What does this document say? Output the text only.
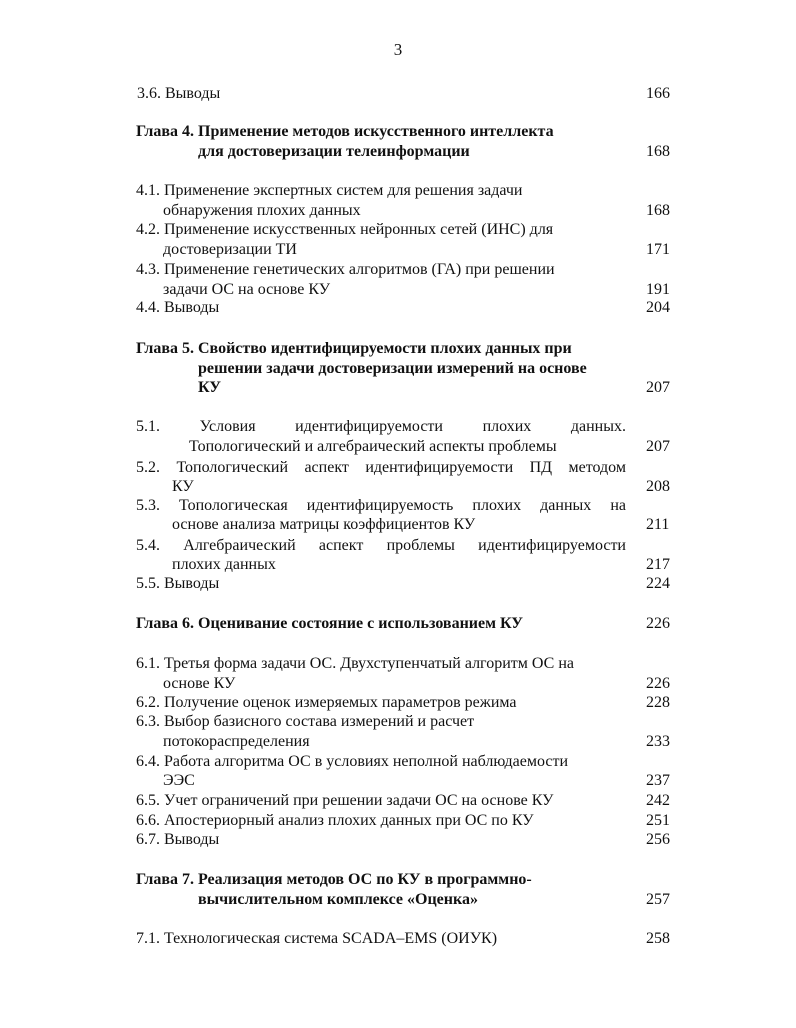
3
3.6. Выводы	166
Глава 4. Применение методов искусственного интеллекта
для достоверизации телеинформации	168
4.1. Применение экспертных систем для решения задачи
обнаружения плохих данных	168
4.2. Применение искусственных нейронных сетей (ИНС) для
достоверизации ТИ	171
4.3. Применение генетических алгоритмов (ГА) при решении
задачи ОС на основе КУ	191
4.4. Выводы	204
Глава 5. Свойство идентифицируемости плохих данных при
решении задачи достоверизации измерений на основе
КУ	207
5.1. Условия идентифицируемости плохих данных.
Топологический и алгебраический аспекты проблемы	207
5.2. Топологический аспект идентифицируемости ПД методом
КУ	208
5.3. Топологическая идентифицируемость плохих данных на
основе анализа матрицы коэффициентов КУ	211
5.4. Алгебраический аспект проблемы идентифицируемости
плохих данных	217
5.5. Выводы	224
Глава 6. Оценивание состояние с использованием КУ	226
6.1. Третья форма задачи ОС. Двухступенчатый алгоритм ОС на
основе КУ	226
6.2. Получение оценок измеряемых параметров режима	228
6.3. Выбор базисного состава измерений и расчет
потокораспределения	233
6.4. Работа алгоритма ОС в условиях неполной наблюдаемости
ЭЭС	237
6.5. Учет ограничений при решении задачи ОС на основе КУ	242
6.6. Апостериорный анализ плохих данных при ОС по КУ	251
6.7. Выводы	256
Глава 7. Реализация методов ОС по КУ в программно-
вычислительном комплексе «Оценка»	257
7.1. Технологическая система SCADA–EMS (ОИУК)	258
